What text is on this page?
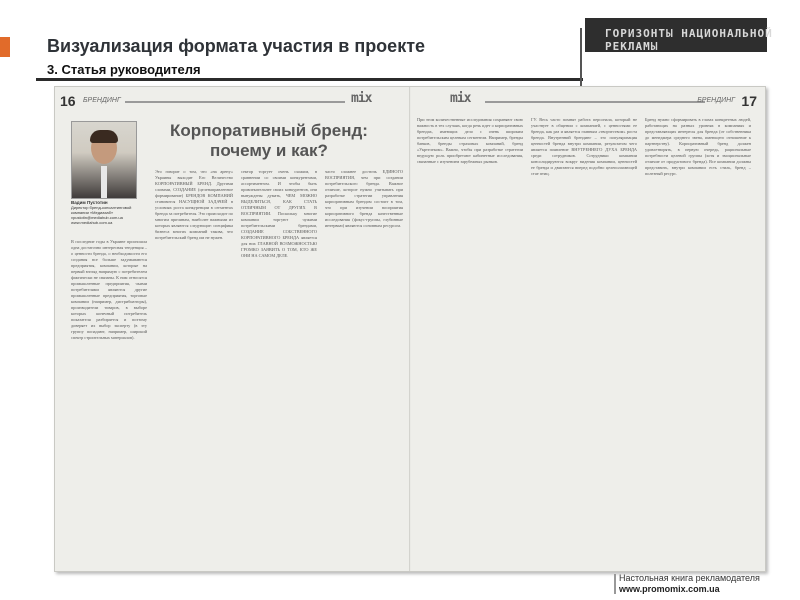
Визуализация формата участия в проекте
3. Статья руководителя
ГОРИЗОНТЫ НАЦИОНАЛЬНОЙ РЕКЛАМЫ
16 БРЕНДИНГ	mix	mix	БРЕНДИНГ 17
Вадим Пустотин
Директор бренд-консалтинговой компании «Медиахаб» vpustotin@mediahub.com.ua www.mediahub.com.ua
Корпоративный бренд: почему и как?
В последние годы в Украине произошла одна достаточно интересная тенденция – о ценности бренда, о необходимости его создания все больше задумываются предприятия, компании, которые на первый взгляд напрямую с потребителем фактически не связаны. К ним относятся промышленные предприятия, чьими потребителями являются другие промышленные предприятия, торговые компании (например, дистрибьюторы), производители товаров, в выборе которых конечный потребитель показателя разбирается и поэтому доверяет их выбор эксперту (в эту группу попадают, например, широкий спектр строительных материалов).
Это говорит о том, что «на арену» Украины выходит Его Величество КОРПОРАТИВНЫЙ БРЕНД. Другими словами, СОЗДАНИЕ (целенаправленное формирование) БРЕНДОВ КОМПАНИЙ становится НАСУЩНОЙ ЗАДАЧЕЙ в условиях роста конкуренции в сегментах бренда за потребителя. Это происходит по многим причинам, наиболее важными из которых являются следующие: специфика бизнеса многих компаний такова, что потребительский бренд им не нужен.
сектор торгует очень схожим, в сравнении со своими конкурентами, ассортиментом. И чтобы быть привлекательнее своих конкурентов, они вынуждены думать, ЧЕМ МОЖНО ВЫДЕЛИТЬСЯ, КАК СТАТЬ ОТЛИЧНЫМ ОТ ДРУГИХ В ВОСПРИЯТИИ. Поскольку многие компании торгуют чужими потребительскими брендами, СОЗДАНИЕ СОБСТВЕННОГО КОРПОРАТИВНОГО БРЕНДА является для них ГЛАВНОЙ ВОЗМОЖНОСТЬЮ ГРОМКО ЗАЯВИТЬ О ТОМ, КТО ЖЕ ОНИ НА САМОМ ДЕЛЕ.
часто сложнее достичь ЕДИНОГО ВОСПРИЯТИЯ, чем при создании потребительского бренда. Важное отличие, которое нужно учитывать при разработке стратегии управления корпоративным брендом состоит в том, что при изучении восприятия корпоративного бренда качественные исследования (фокус-группы, глубинные интервью) являются основным ресурсом.
При этом количественные исследования сохраняют свою важность в тех случаях, когда речь идет о корпоративных брендах, имеющих дело с очень широким потребительским целевым сегментом. Например, бренды банков, бренды страховых компаний, бренд «Укртелеком». Важно, чтобы при разработке стратегии ведущую роль приобретают кабинетные исследования, связанные с изучением зарубежных рынков.
ГУ. Весь часто помнят работа персонала, который не участвует в общении с компанией, с ценностями ее бренда, как раз и является главным «творчеством» роста бренда. Внутренний брендинг – это популяризация ценностей бренда внутри компании, результатом чего является появление ВНУТРЕННЕГО ДУХА БРЕНДА среди сотрудников. Сотрудники компании консолидируются вокруг видения компании, ценностей ее бренда и двигаются вперед подобно целеполагающей стае птиц.
Бренд нужно сформировать в глазах конкретных людей, работающих на разных уровнях в компаниях и представляющих интересы для бренда (от собственника до менеджера среднего звена, имеющего отношение к партнерству). Корпоративный бренд должен удовлетворять, в первую очередь, рациональные потребности целевой группы (хотя и эмоциональные отличие от продуктового бренда). Все компании должны представить, внутри компании есть стиль, бренд – полезный ресурс.
Настольная книга рекламодателя
www.promomix.com.ua
